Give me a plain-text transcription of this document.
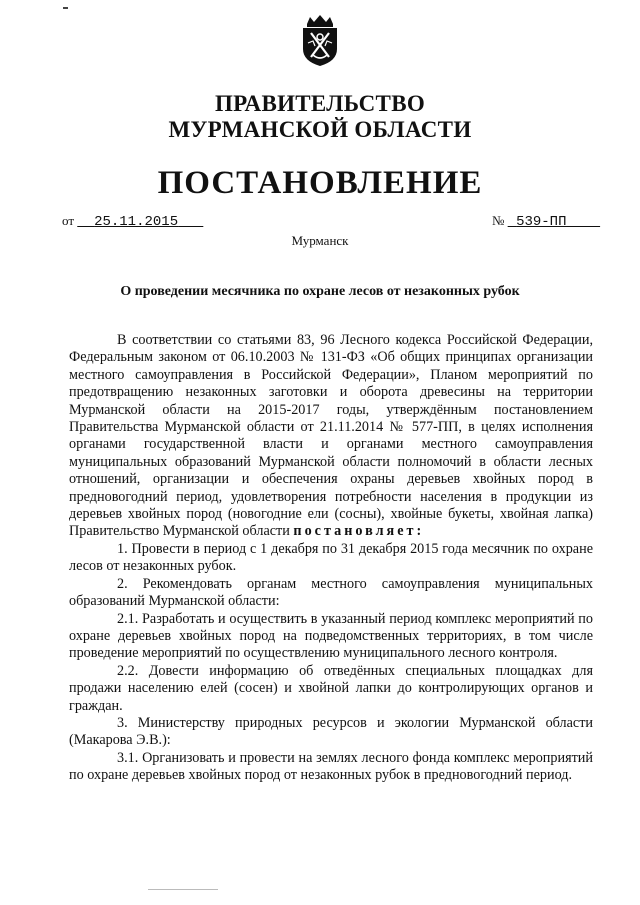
ПРАВИТЕЛЬСТВО
МУРМАНСКОЙ ОБЛАСТИ
ПОСТАНОВЛЕНИЕ
от 25.11.2015	№ 539-ПП
Мурманск
О проведении месячника по охране лесов от незаконных рубок

В соответствии со статьями 83, 96 Лесного кодекса Российской Федерации, Федеральным законом от 06.10.2003 № 131-ФЗ «Об общих принципах организации местного самоуправления в Российской Федерации», Планом мероприятий по предотвращению незаконных заготовки и оборота древесины на территории Мурманской области на 2015-2017 годы, утверждённым постановлением Правительства Мурманской области от 21.11.2014 № 577-ПП, в целях исполнения органами государственной власти и органами местного самоуправления муниципальных образований Мурманской области полномочий в области лесных отношений, организации и обеспечения охраны деревьев хвойных пород в предновогодний период, удовлетворения потребности населения в продукции из деревьев хвойных пород (новогодние ели (сосны), хвойные букеты, хвойная лапка) Правительство Мурманской области постановляет:

1. Провести в период с 1 декабря по 31 декабря 2015 года месячник по охране лесов от незаконных рубок.

2. Рекомендовать органам местного самоуправления муниципальных образований Мурманской области:

2.1. Разработать и осуществить в указанный период комплекс мероприятий по охране деревьев хвойных пород на подведомственных территориях, в том числе проведение мероприятий по осуществлению муниципального лесного контроля.

2.2. Довести информацию об отведённых специальных площадках для продажи населению елей (сосен) и хвойной лапки до контролирующих органов и граждан.

3. Министерству природных ресурсов и экологии Мурманской области (Макарова Э.В.):

3.1. Организовать и провести на землях лесного фонда комплекс мероприятий по охране деревьев хвойных пород от незаконных рубок в предновогодний период.
